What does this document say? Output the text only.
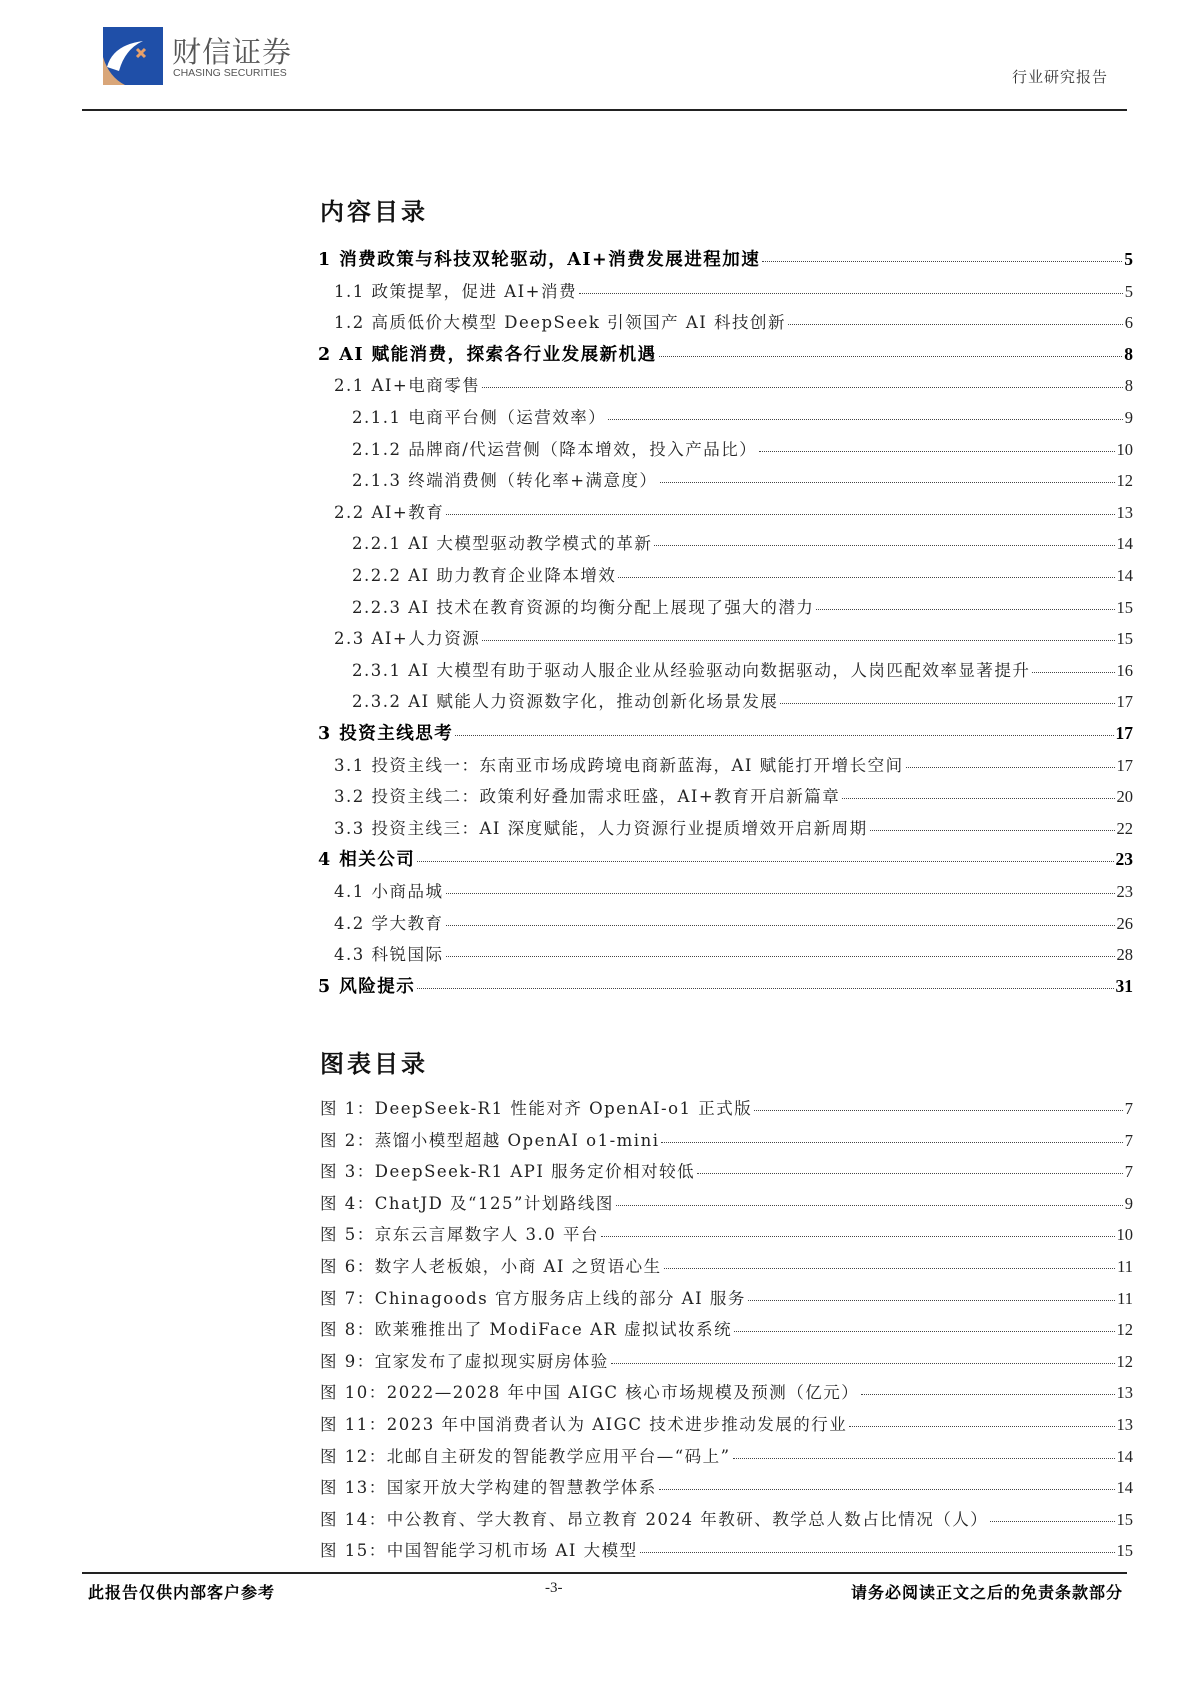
财信证券
CHASING SECURITIES	行业研究报告
内容目录
1 消费政策与科技双轮驱动，AI+消费发展进程加速	5
1.1 政策提挈，促进 AI+消费	5
1.2 高质低价大模型 DeepSeek 引领国产 AI 科技创新	6
2 AI 赋能消费，探索各行业发展新机遇	8
2.1 AI+电商零售	8
2.1.1 电商平台侧（运营效率）	9
2.1.2 品牌商/代运营侧（降本增效，投入产品比）	10
2.1.3 终端消费侧（转化率+满意度）	12
2.2 AI+教育	13
2.2.1 AI 大模型驱动教学模式的革新	14
2.2.2 AI 助力教育企业降本增效	14
2.2.3 AI 技术在教育资源的均衡分配上展现了强大的潜力	15
2.3 AI+人力资源	15
2.3.1 AI 大模型有助于驱动人服企业从经验驱动向数据驱动，人岗匹配效率显著提升	16
2.3.2 AI 赋能人力资源数字化，推动创新化场景发展	17
3 投资主线思考	17
3.1 投资主线一：东南亚市场成跨境电商新蓝海，AI 赋能打开增长空间	17
3.2 投资主线二：政策利好叠加需求旺盛，AI+教育开启新篇章	20
3.3 投资主线三：AI 深度赋能，人力资源行业提质增效开启新周期	22
4 相关公司	23
4.1 小商品城	23
4.2 学大教育	26
4.3 科锐国际	28
5 风险提示	31
图表目录
图 1：DeepSeek-R1 性能对齐 OpenAI-o1 正式版	7
图 2：蒸馏小模型超越 OpenAI o1-mini	7
图 3：DeepSeek-R1 API 服务定价相对较低	7
图 4：ChatJD 及“125”计划路线图	9
图 5：京东云言犀数字人 3.0 平台	10
图 6：数字人老板娘，小商 AI 之贸语心生	11
图 7：Chinagoods 官方服务店上线的部分 AI 服务	11
图 8：欧莱雅推出了 ModiFace AR 虚拟试妆系统	12
图 9：宜家发布了虚拟现实厨房体验	12
图 10：2022—2028 年中国 AIGC 核心市场规模及预测（亿元）	13
图 11：2023 年中国消费者认为 AIGC 技术进步推动发展的行业	13
图 12：北邮自主研发的智能教学应用平台—“码上”	14
图 13：国家开放大学构建的智慧教学体系	14
图 14：中公教育、学大教育、昂立教育 2024 年教研、教学总人数占比情况（人）	15
图 15：中国智能学习机市场 AI 大模型	15
此报告仅供内部客户参考	-3-	请务必阅读正文之后的免责条款部分
